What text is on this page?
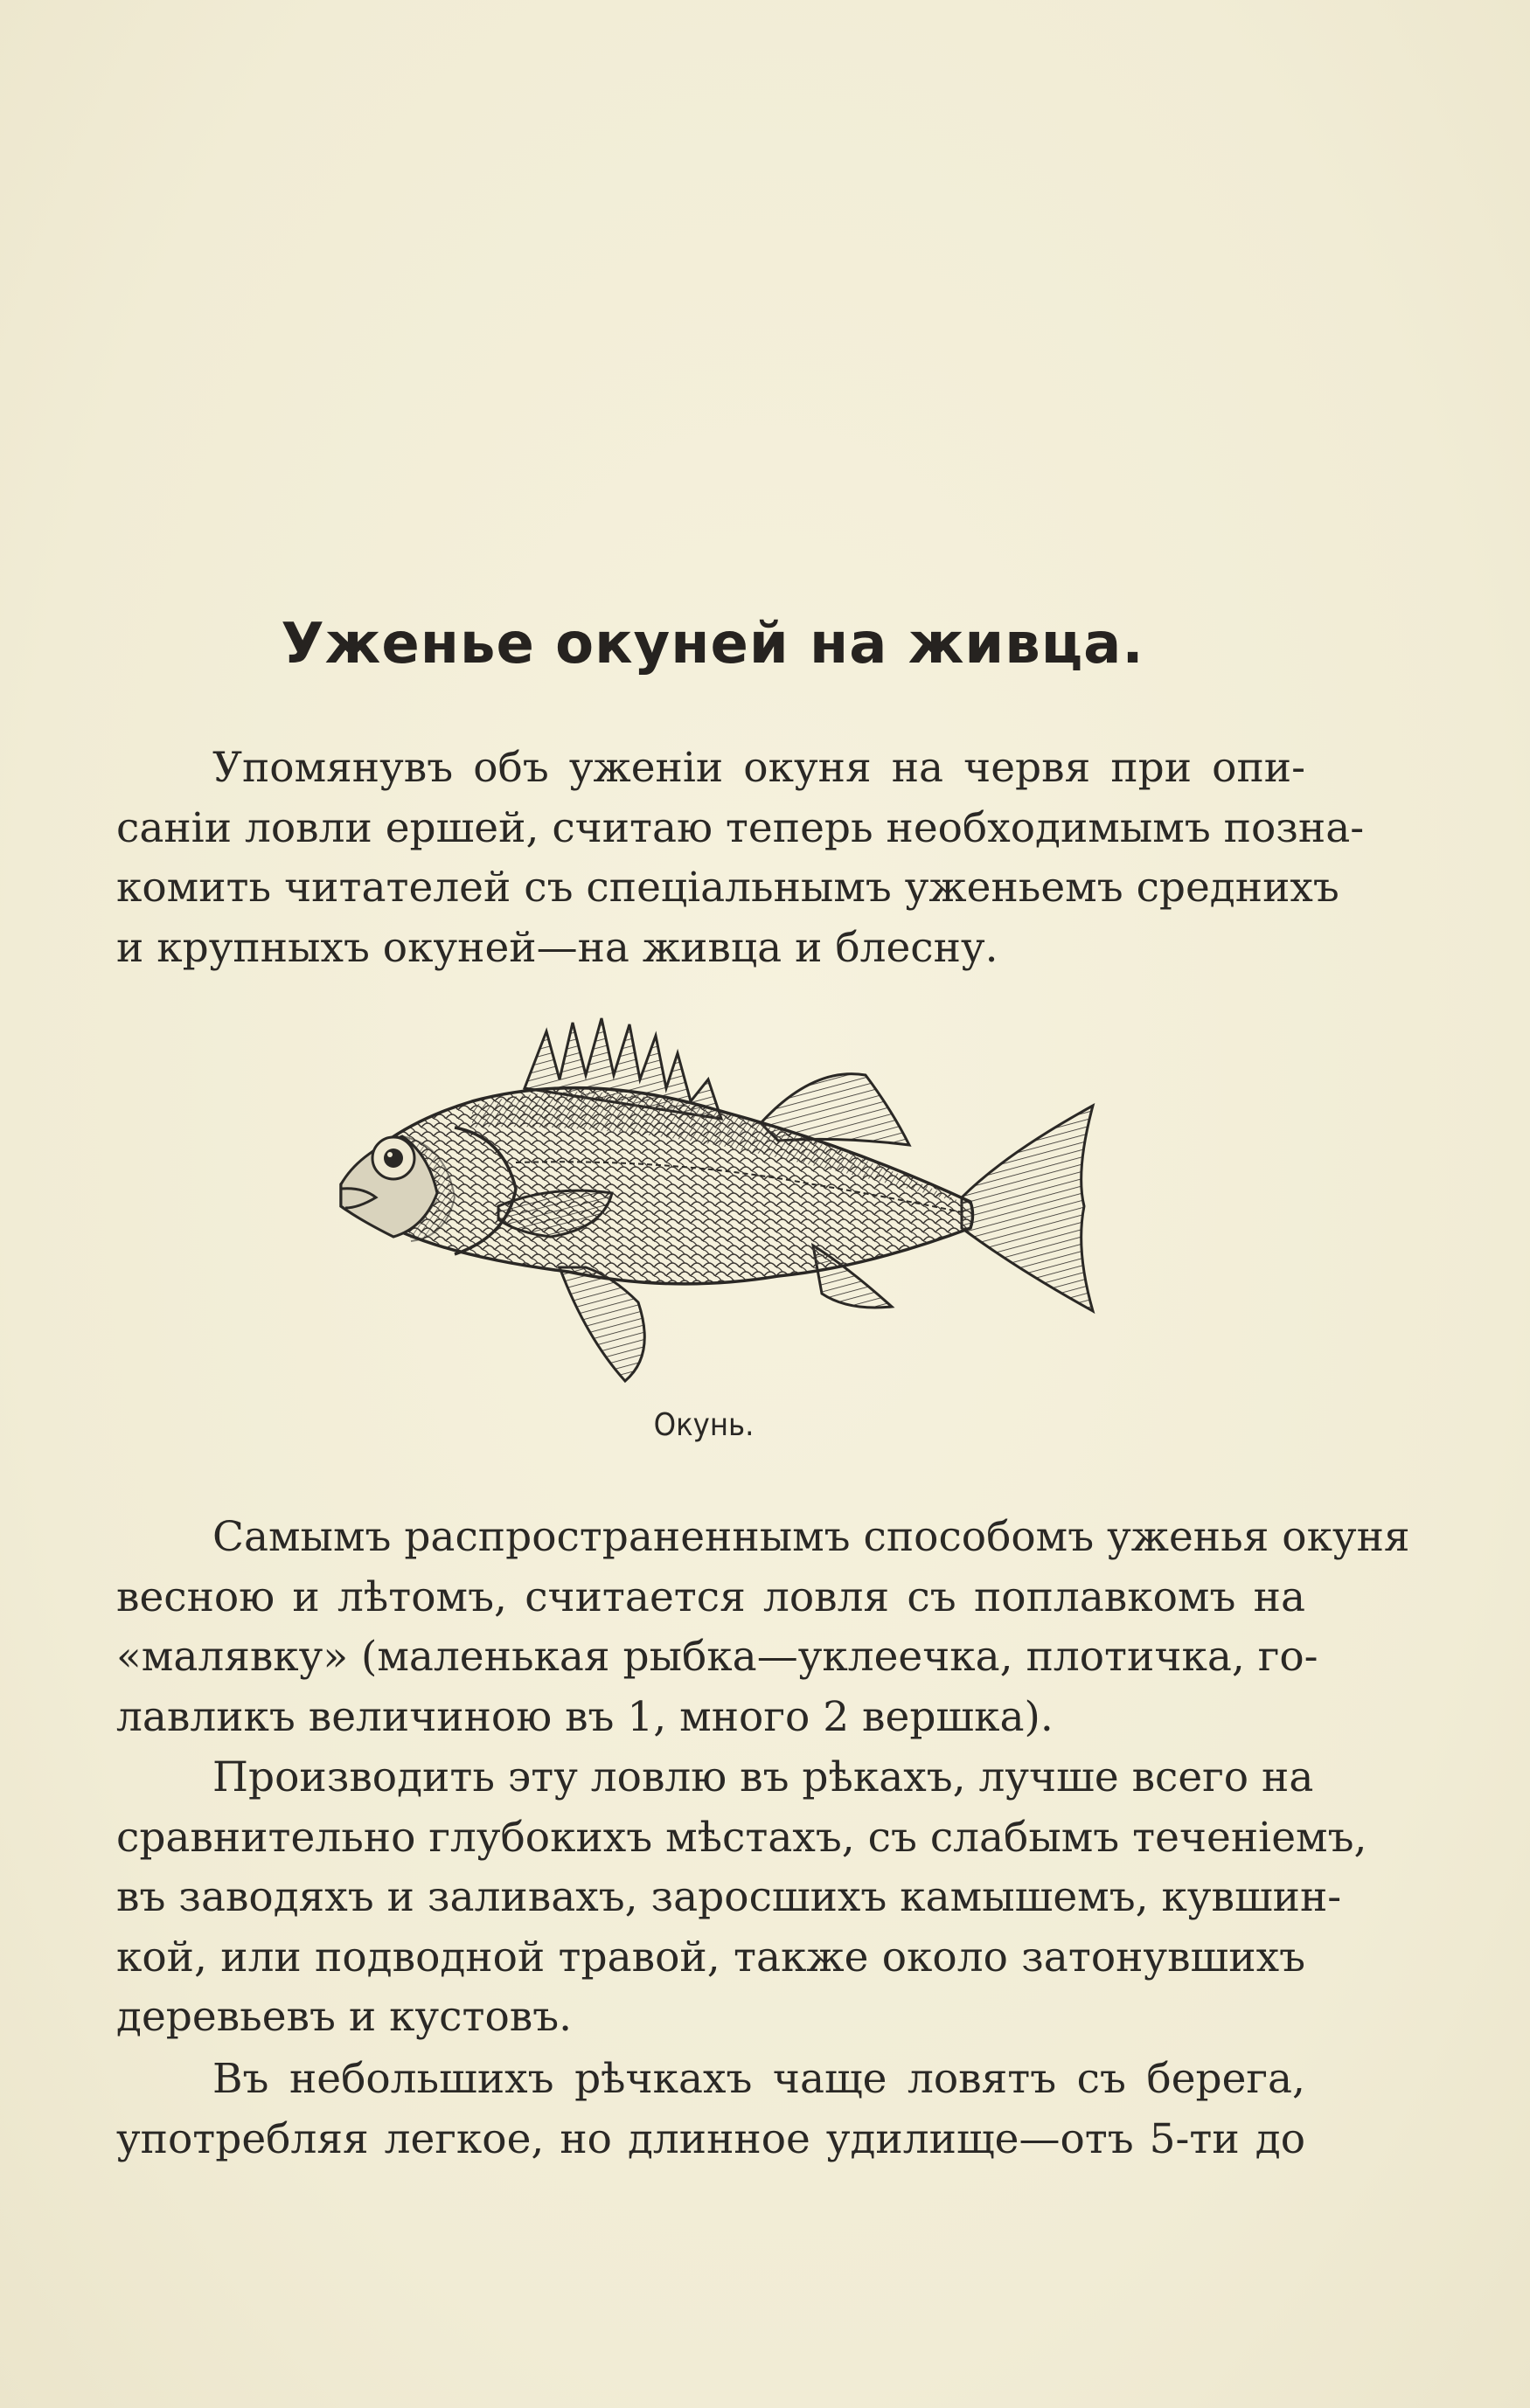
Уженье окуней на живца.
Упомянувъ объ уженіи окуня на червя при опи-
саніи ловли ершей, считаю теперь необходимымъ позна-
комить читателей съ спеціальнымъ уженьемъ среднихъ
и крупныхъ окуней—на живца и блесну.
Окунь.
Самымъ распространеннымъ способомъ уженья окуня
весною и лѣтомъ, считается ловля съ поплавкомъ на
«малявку» (маленькая рыбка—уклеечка, плотичка, го-
лавликъ величиною въ 1, много 2 вершка).
Производить эту ловлю въ рѣкахъ, лучше всего на
сравнительно глубокихъ мѣстахъ, съ слабымъ теченіемъ,
въ заводяхъ и заливахъ, заросшихъ камышемъ, кувшин-
кой, или подводной травой, также около затонувшихъ
деревьевъ и кустовъ.
Въ небольшихъ рѣчкахъ чаще ловятъ съ берега,
употребляя легкое, но длинное удилище—отъ 5-ти до
